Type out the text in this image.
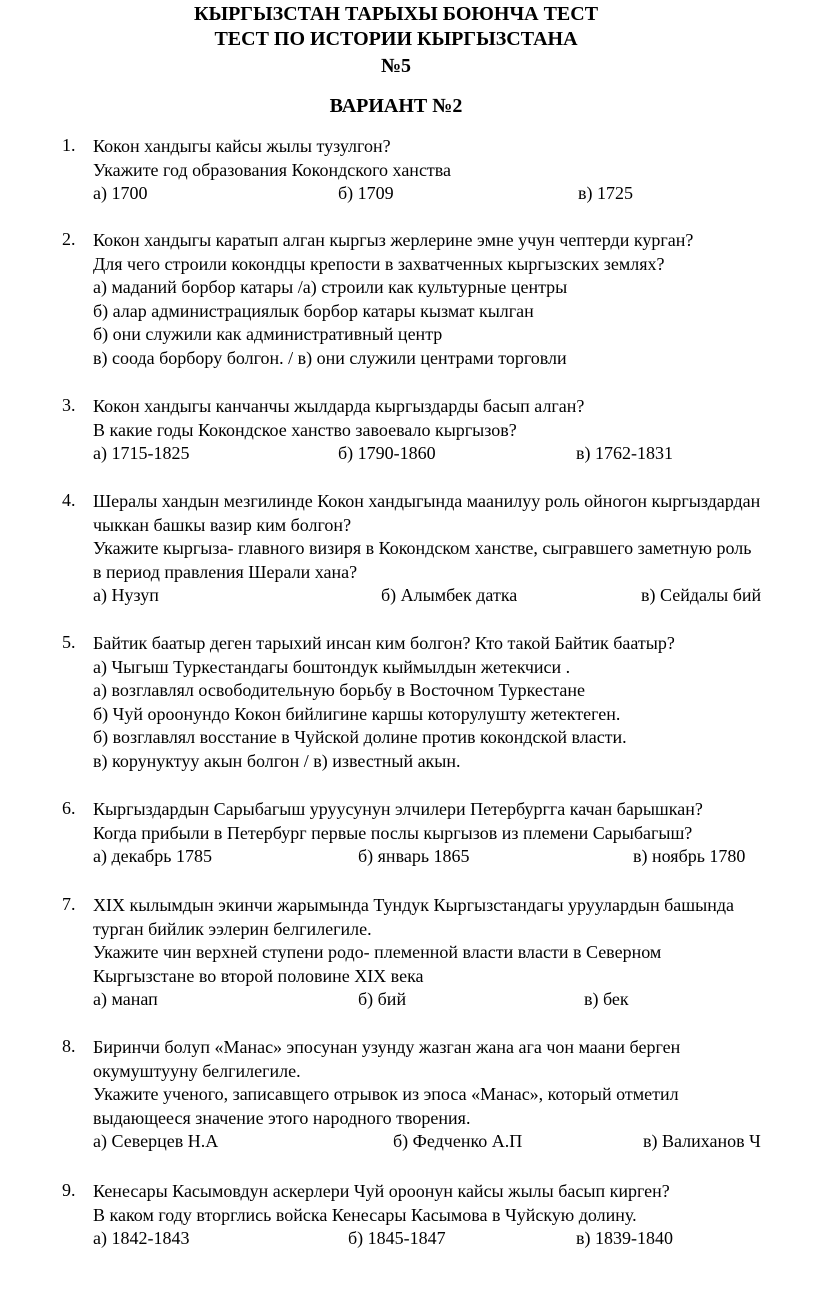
КЫРГЫЗСТАН ТАРЫХЫ БОЮНЧА ТЕСТ
ТЕСТ ПО ИСТОРИИ КЫРГЫЗСТАНА
№5
ВАРИАНТ №2
1. Кокон хандыгы кайсы жылы тузулгон?
Укажите год образования Кокондского ханства
а) 1700	б) 1709	в) 1725
2. Кокон хандыгы каратып алган кыргыз жерлерине эмне учун чептерди курган?
Для чего строили кокондцы крепости в захватченных кыргызских землях?
а) маданий борбор катары /а) строили как культурные центры
б) алар администрациялык борбор катары кызмат кылган
б) они служили как административный центр
в) соода борбору болгон. / в) они служили центрами торговли
3. Кокон хандыгы канчанчы жылдарда кыргыздарды басып алган?
В какие годы Кокондское ханство завоевало кыргызов?
а) 1715-1825	б) 1790-1860	в) 1762-1831
4. Шералы хандын мезгилинде Кокон хандыгында маанилуу роль ойногон кыргыздардан
чыккан башкы вазир ким болгон?
Укажите кыргыза- главного визиря в Кокондском ханстве, сыгравшего заметную роль
в период правления Шерали хана?
а) Нузуп	б) Алымбек датка	в) Сейдалы бий
5. Байтик баатыр деген тарыхий инсан ким болгон? Кто такой Байтик баатыр?
а) Чыгыш Туркестандагы боштондук кыймылдын жетекчиси .
а) возглавлял освободительную борьбу в Восточном Туркестане
б) Чуй ороонундо Кокон бийлигине каршы которулушту жетектеген.
б) возглавлял восстание в Чуйской долине против кокондской власти.
в) корунуктуу акын болгон / в) известный акын.
6. Кыргыздардын Сарыбагыш уруусунун элчилери Петербургга качан барышкан?
Когда прибыли в Петербург первые послы кыргызов из племени Сарыбагыш?
а) декабрь 1785	б) январь 1865	в) ноябрь 1780
7. XIX кылымдын экинчи жарымында Тундук Кыргызстандагы уруулардын башында
турган бийлик ээлерин белгилегиле.
Укажите чин верхней ступени родо- племенной власти власти в Северном
Кыргызстане во второй половине XIX века
а) манап	б) бий	в) бек
8. Биринчи болуп «Манас» эпосунан узунду жазган жана ага чон маани берген
окумуштууну белгилегиле.
Укажите ученого, записавщего отрывок из эпоса «Манас», который отметил
выдающееся значение этого народного творения.
а) Северцев Н.А	б) Федченко А.П	в) Валиханов Ч
9. Кенесары Касымовдун аскерлери Чуй ороонун кайсы жылы басып кирген?
В каком году вторглись войска Кенесары Касымова в Чуйскую долину.
а) 1842-1843	б) 1845-1847	в) 1839-1840
